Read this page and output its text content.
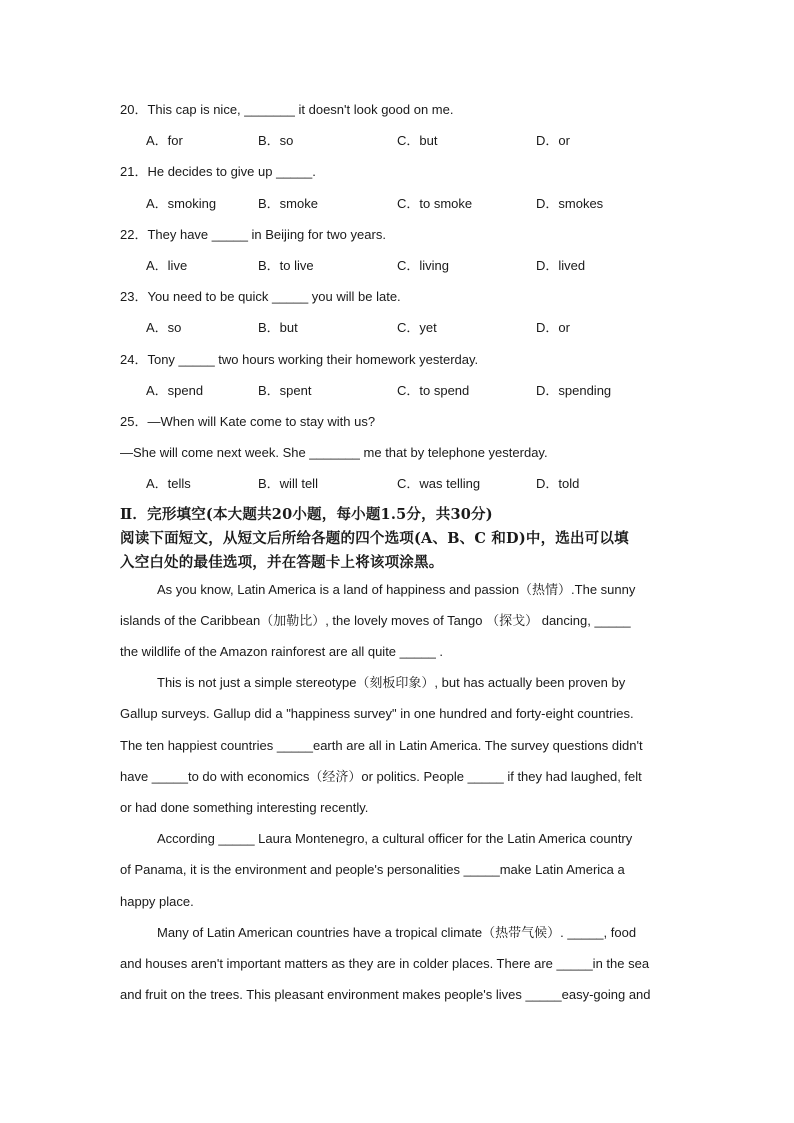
20．This cap is nice, _______ it doesn't look good on me.
A．for	B．so	C．but	D．or
21．He decides to give up _____.
A．smoking	B．smoke	C．to smoke	D．smokes
22．They have _____ in Beijing for two years.
A．live	B．to live	C．living	D．lived
23．You need to be quick _____ you will be late.
A．so	B．but	C．yet	D．or
24．Tony _____ two hours working their homework yesterday.
A．spend	B．spent	C．to spend	D．spending
25．—When will Kate come to stay with us?
—She will come next week. She _______ me that by telephone yesterday.
A．tells	B．will tell	C．was telling	D．told
Ⅱ．完形填空(本大题共20小题，每小题1.5分，共30分)
阅读下面短文，从短文后所给各题的四个选项(A、B、C 和D)中，选出可以填
入空白处的最佳选项，并在答题卡上将该项涂黑。
As you know, Latin America is a land of happiness and passion（热情）.The sunny
islands of the Caribbean（加勒比）, the lovely moves of Tango （探戈） dancing, _____
the wildlife of the Amazon rainforest are all quite _____ .
This is not just a simple stereotype（刻板印象）, but has actually been proven by
Gallup surveys. Gallup did a "happiness survey" in one hundred and forty-eight countries.
The ten happiest countries _____earth are all in Latin America. The survey questions didn't
have _____to do with economics（经济）or politics. People _____ if they had laughed, felt
or had done something interesting recently.
According _____ Laura Montenegro, a cultural officer for the Latin America country
of Panama, it is the environment and people's personalities _____make Latin America a
happy place.
Many of Latin American countries have a tropical climate（热带气候）. _____, food
and houses aren't important matters as they are in colder places. There are _____in the sea
and fruit on the trees. This pleasant environment makes people's lives _____easy-going and
